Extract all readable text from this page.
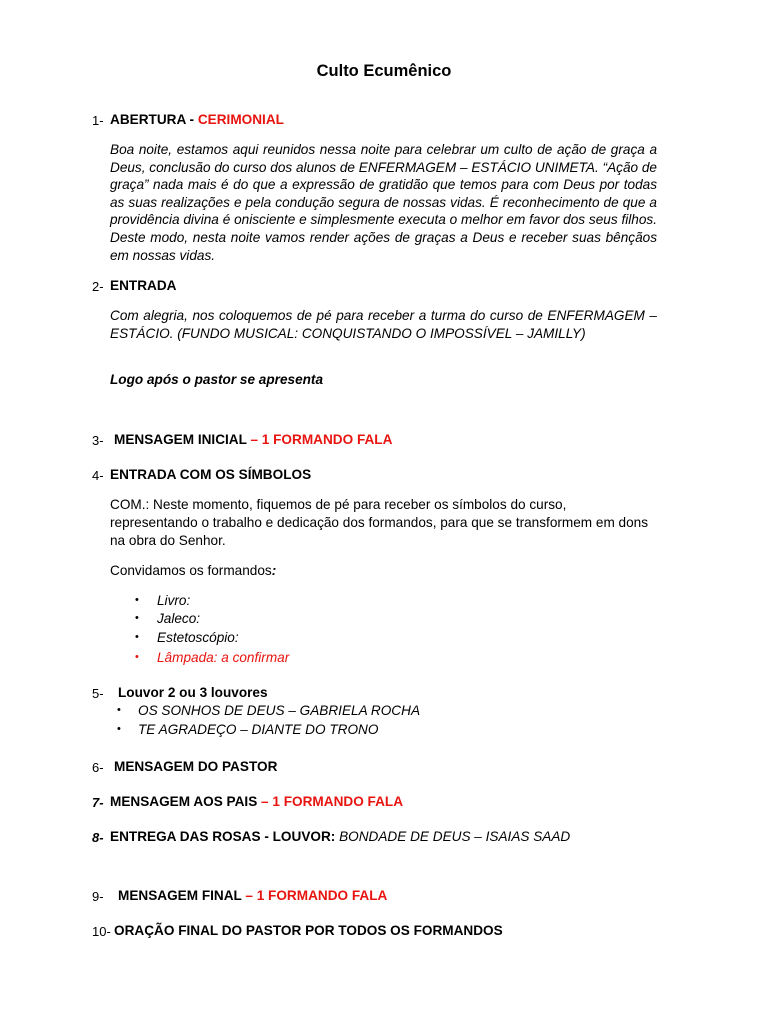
Culto Ecumênico
1- ABERTURA - CERIMONIAL
Boa noite, estamos aqui reunidos nessa noite para celebrar um culto de ação de graça a Deus, conclusão do curso dos alunos de ENFERMAGEM – ESTÁCIO UNIMETA. “Ação de graça” nada mais é do que a expressão de gratidão que temos para com Deus por todas as suas realizações e pela condução segura de nossas vidas. É reconhecimento de que a providência divina é onisciente e simplesmente executa o melhor em favor dos seus filhos. Deste modo, nesta noite vamos render ações de graças a Deus e receber suas bênçãos em nossas vidas.
2- ENTRADA
Com alegria, nos coloquemos de pé para receber a turma do curso de ENFERMAGEM – ESTÁCIO. (FUNDO MUSICAL: CONQUISTANDO O IMPOSSÍVEL – JAMILLY)
Logo após o pastor se apresenta
3- MENSAGEM INICIAL – 1 FORMANDO FALA
4- ENTRADA COM OS SÍMBOLOS
COM.: Neste momento, fiquemos de pé para receber os símbolos do curso, representando o trabalho e dedicação dos formandos, para que se transformem em dons na obra do Senhor.
Convidamos os formandos:
• Livro:
• Jaleco:
• Estetoscópio:
• Lâmpada: a confirmar
5- Louvor 2 ou 3 louvores
• OS SONHOS DE DEUS – GABRIELA ROCHA
• TE AGRADEÇO – DIANTE DO TRONO
6- MENSAGEM DO PASTOR
7- MENSAGEM AOS PAIS – 1 FORMANDO FALA
8- ENTREGA DAS ROSAS - LOUVOR: BONDADE DE DEUS – ISAIAS SAAD
9- MENSAGEM FINAL – 1 FORMANDO FALA
10- ORAÇÃO FINAL DO PASTOR POR TODOS OS FORMANDOS
